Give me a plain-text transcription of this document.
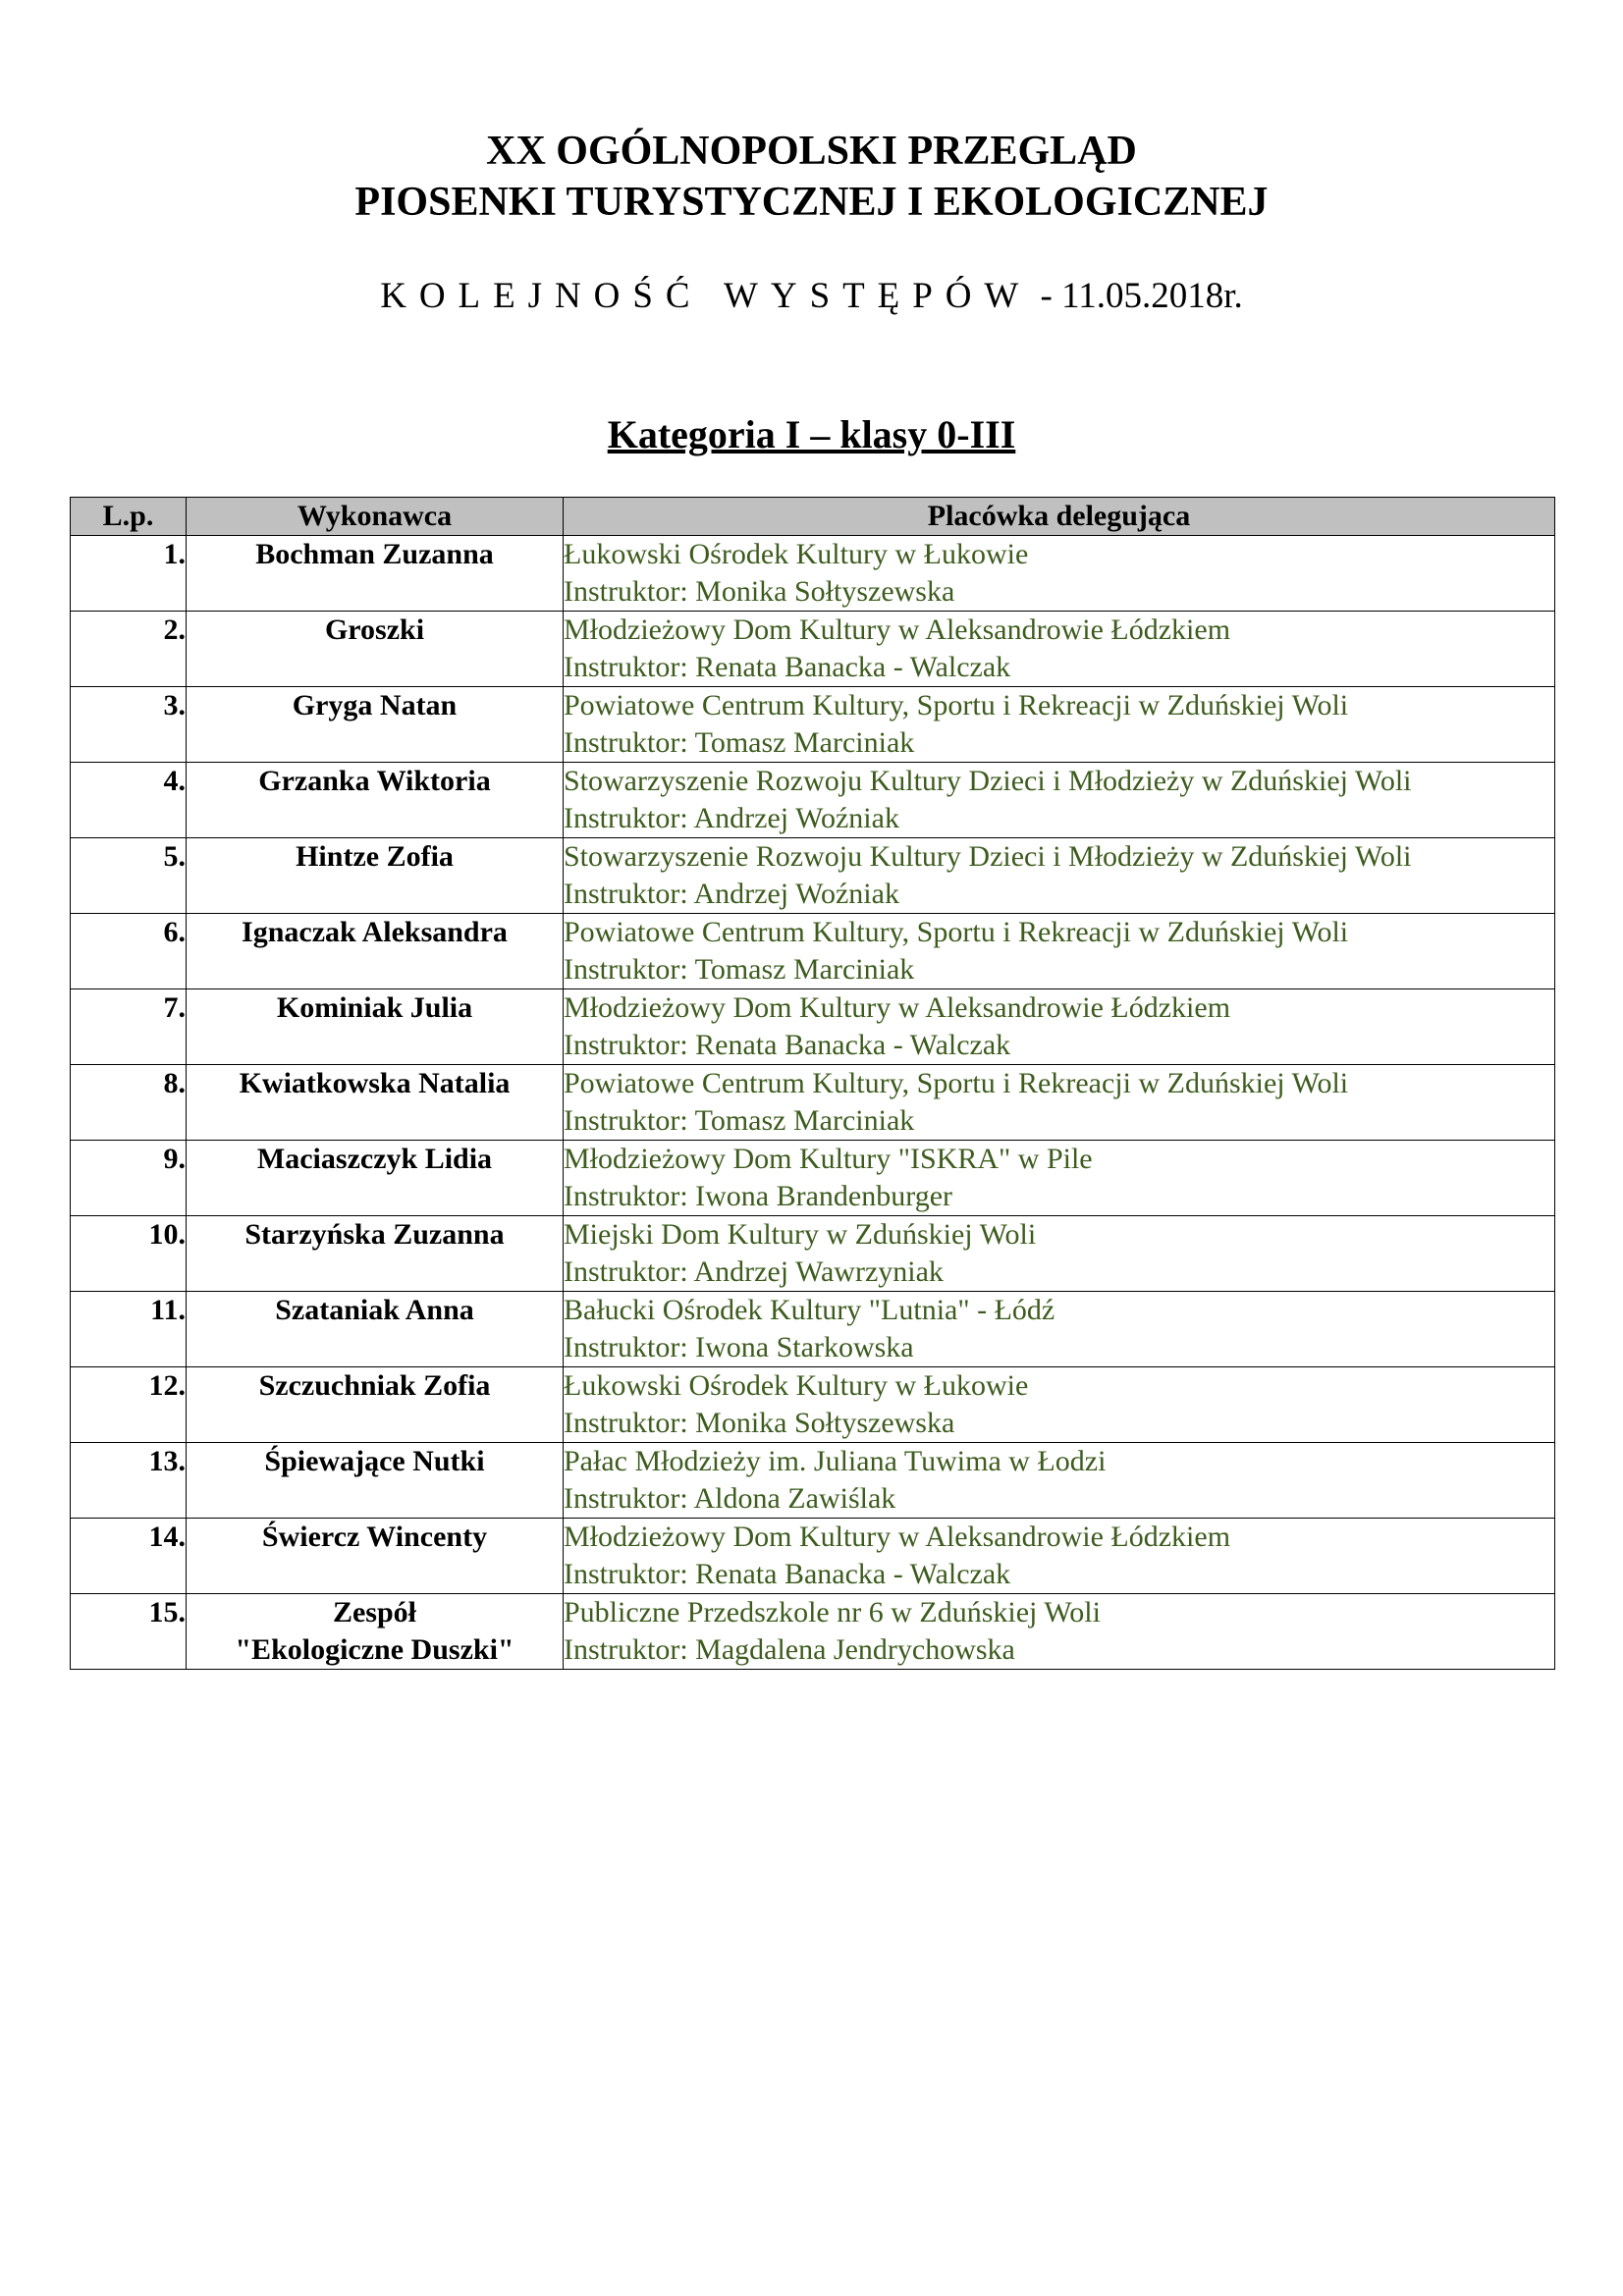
XX OGÓLNOPOLSKI PRZEGLĄD

PIOSENKI TURYSTYCZNEJ I EKOLOGICZNEJ

KOLEJNOŚĆ WYSTĘPÓW - 11.05.2018r.
Kategoria I – klasy 0-III
L.p.	Wykonawca	Placówka delegująca
1.	Bochman Zuzanna	Łukowski Ośrodek Kultury w Łukowie
Instruktor: Monika Sołtyszewska

2.	Groszki	Młodzieżowy Dom Kultury w Aleksandrowie Łódzkiem
Instruktor: Renata Banacka - Walczak

3.	Gryga Natan	Powiatowe Centrum Kultury, Sportu i Rekreacji w Zduńskiej Woli
Instruktor: Tomasz Marciniak

4.	Grzanka Wiktoria	Stowarzyszenie Rozwoju Kultury Dzieci i Młodzieży w Zduńskiej Woli
Instruktor: Andrzej Woźniak

5.	Hintze Zofia	Stowarzyszenie Rozwoju Kultury Dzieci i Młodzieży w Zduńskiej Woli
Instruktor: Andrzej Woźniak

6.	Ignaczak Aleksandra	Powiatowe Centrum Kultury, Sportu i Rekreacji w Zduńskiej Woli
Instruktor: Tomasz Marciniak

7.	Kominiak Julia	Młodzieżowy Dom Kultury w Aleksandrowie Łódzkiem
Instruktor: Renata Banacka - Walczak

8.	Kwiatkowska Natalia	Powiatowe Centrum Kultury, Sportu i Rekreacji w Zduńskiej Woli
Instruktor: Tomasz Marciniak

9.	Maciaszczyk Lidia	Młodzieżowy Dom Kultury "ISKRA" w Pile
Instruktor: Iwona Brandenburger

10.	Starzyńska Zuzanna	Miejski Dom Kultury w Zduńskiej Woli
Instruktor: Andrzej Wawrzyniak

11.	Szataniak Anna	Bałucki Ośrodek Kultury "Lutnia" - Łódź
Instruktor: Iwona Starkowska

12.	Szczuchniak Zofia	Łukowski Ośrodek Kultury w Łukowie
Instruktor: Monika Sołtyszewska

13.	Śpiewające Nutki	Pałac Młodzieży im. Juliana Tuwima w Łodzi
Instruktor: Aldona Zawiślak

14.	Świercz Wincenty	Młodzieżowy Dom Kultury w Aleksandrowie Łódzkiem
Instruktor: Renata Banacka - Walczak

15.	Zespół
"Ekologiczne Duszki"	Publiczne Przedszkole nr 6 w Zduńskiej Woli
Instruktor: Magdalena Jendrychowska
